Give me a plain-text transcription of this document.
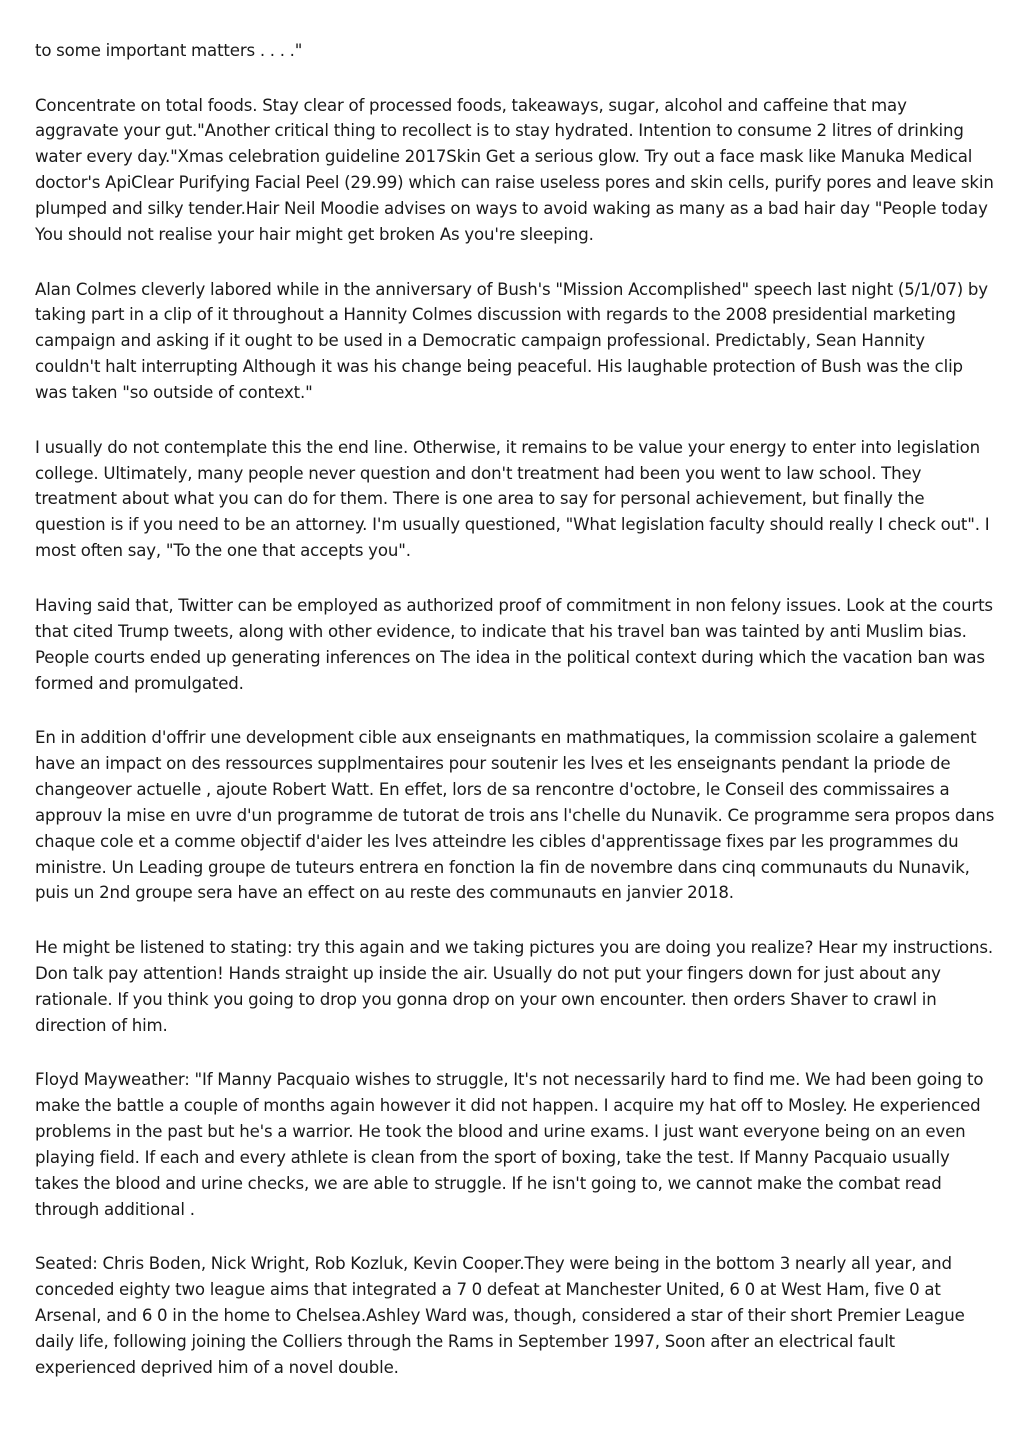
to some important matters . . . ."

Concentrate on total foods. Stay clear of processed foods, takeaways, sugar, alcohol and caffeine that may aggravate your gut."Another critical thing to recollect is to stay hydrated. Intention to consume 2 litres of drinking water every day."Xmas celebration guideline 2017Skin Get a serious glow. Try out a face mask like Manuka Medical doctor's ApiClear Purifying Facial Peel (29.99) which can raise useless pores and skin cells, purify pores and leave skin plumped and silky tender.Hair Neil Moodie advises on ways to avoid waking as many as a bad hair day "People today You should not realise your hair might get broken As you're sleeping.

Alan Colmes cleverly labored while in the anniversary of Bush's "Mission Accomplished" speech last night (5/1/07) by taking part in a clip of it throughout a Hannity Colmes discussion with regards to the 2008 presidential marketing campaign and asking if it ought to be used in a Democratic campaign professional. Predictably, Sean Hannity couldn't halt interrupting Although it was his change being peaceful. His laughable protection of Bush was the clip was taken "so outside of context."

I usually do not contemplate this the end line. Otherwise, it remains to be value your energy to enter into legislation college. Ultimately, many people never question and don't treatment had been you went to law school. They treatment about what you can do for them. There is one area to say for personal achievement, but finally the question is if you need to be an attorney. I'm usually questioned, "What legislation faculty should really I check out". I most often say, "To the one that accepts you".

Having said that, Twitter can be employed as authorized proof of commitment in non felony issues. Look at the courts that cited Trump tweets, along with other evidence, to indicate that his travel ban was tainted by anti Muslim bias. People courts ended up generating inferences on The idea in the political context during which the vacation ban was formed and promulgated.

En in addition d'offrir une development cible aux enseignants en mathmatiques, la commission scolaire a galement have an impact on des ressources supplmentaires pour soutenir les lves et les enseignants pendant la priode de changeover actuelle , ajoute Robert Watt. En effet, lors de sa rencontre d'octobre, le Conseil des commissaires a approuv la mise en uvre d'un programme de tutorat de trois ans l'chelle du Nunavik. Ce programme sera propos dans chaque cole et a comme objectif d'aider les lves atteindre les cibles d'apprentissage fixes par les programmes du ministre. Un Leading groupe de tuteurs entrera en fonction la fin de novembre dans cinq communauts du Nunavik, puis un 2nd groupe sera have an effect on au reste des communauts en janvier 2018.

He might be listened to stating: try this again and we taking pictures you are doing you realize? Hear my instructions. Don talk pay attention! Hands straight up inside the air. Usually do not put your fingers down for just about any rationale. If you think you going to drop you gonna drop on your own encounter. then orders Shaver to crawl in direction of him.

Floyd Mayweather: "If Manny Pacquaio wishes to struggle, It's not necessarily hard to find me. We had been going to make the battle a couple of months again however it did not happen. I acquire my hat off to Mosley. He experienced problems in the past but he's a warrior. He took the blood and urine exams. I just want everyone being on an even playing field. If each and every athlete is clean from the sport of boxing, take the test. If Manny Pacquaio usually takes the blood and urine checks, we are able to struggle. If he isn't going to, we cannot make the combat read through additional .

Seated: Chris Boden, Nick Wright, Rob Kozluk, Kevin Cooper.They were being in the bottom 3 nearly all year, and conceded eighty two league aims that integrated a 7 0 defeat at Manchester United, 6 0 at West Ham, five 0 at Arsenal, and 6 0 in the home to Chelsea.Ashley Ward was, though, considered a star of their short Premier League daily life, following joining the Colliers through the Rams in September 1997, Soon after an electrical fault experienced deprived him of a novel double.
